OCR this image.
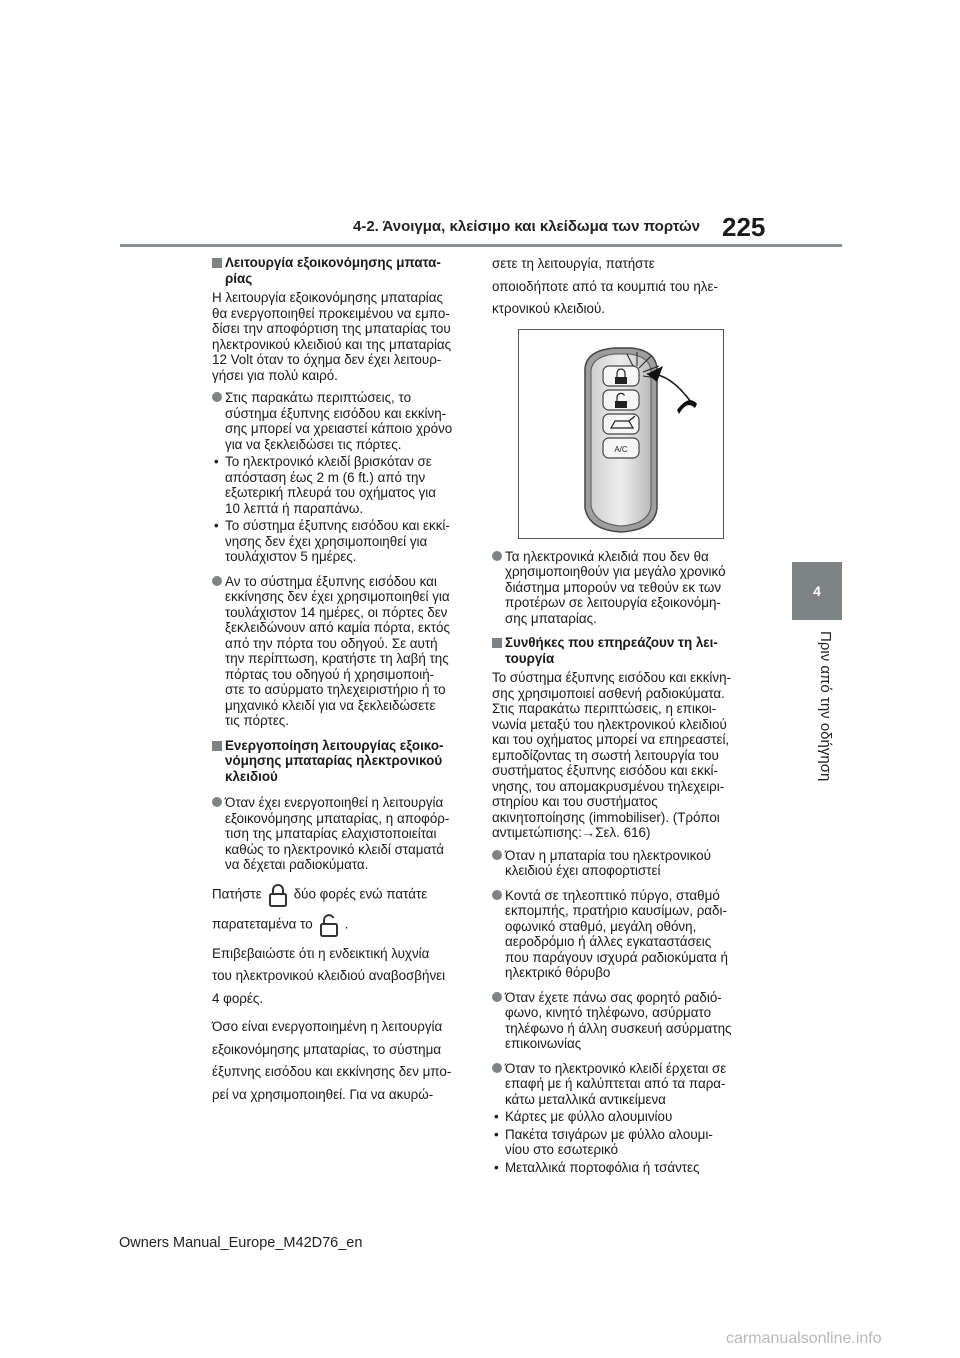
4-2. Άνοιγμα, κλείσιμο και κλείδωμα των πορτών 225
4
Πριν από την οδήγηση
Λειτουργία εξοικονόμησης μπατα-
ρίας
Η λειτουργία εξοικονόμησης μπαταρίας
θα ενεργοποιηθεί προκειμένου να εμπο-
δίσει την αποφόρτιση της μπαταρίας του
ηλεκτρονικού κλειδιού και της μπαταρίας
12 Volt όταν το όχημα δεν έχει λειτουρ-
γήσει για πολύ καιρό.
Στις παρακάτω περιπτώσεις, το
σύστημα έξυπνης εισόδου και εκκίνη-
σης μπορεί να χρειαστεί κάποιο χρόνο
για να ξεκλειδώσει τις πόρτες.
• Το ηλεκτρονικό κλειδί βρισκόταν σε
απόσταση έως 2 m (6 ft.) από την
εξωτερική πλευρά του οχήματος για
10 λεπτά ή παραπάνω.
• Το σύστημα έξυπνης εισόδου και εκκί-
νησης δεν έχει χρησιμοποιηθεί για
τουλάχιστον 5 ημέρες.
Αν το σύστημα έξυπνης εισόδου και
εκκίνησης δεν έχει χρησιμοποιηθεί για
τουλάχιστον 14 ημέρες, οι πόρτες δεν
ξεκλειδώνουν από καμία πόρτα, εκτός
από την πόρτα του οδηγού. Σε αυτή
την περίπτωση, κρατήστε τη λαβή της
πόρτας του οδηγού ή χρησιμοποιή-
στε το ασύρματο τηλεχειριστήριο ή το
μηχανικό κλειδί για να ξεκλειδώσετε
τις πόρτες.
Ενεργοποίηση λειτουργίας εξοικο-
νόμησης μπαταρίας ηλεκτρονικού
κλειδιού
Όταν έχει ενεργοποιηθεί η λειτουργία
εξοικονόμησης μπαταρίας, η αποφόρ-
τιση της μπαταρίας ελαχιστοποιείται
καθώς το ηλεκτρονικό κλειδί σταματά
να δέχεται ραδιοκύματα.
Πατήστε δύο φορές ενώ πατάτε
παρατεταμένα το .
Επιβεβαιώστε ότι η ενδεικτική λυχνία
του ηλεκτρονικού κλειδιού αναβοσβήνει
4 φορές.
Όσο είναι ενεργοποιημένη η λειτουργία
εξοικονόμησης μπαταρίας, το σύστημα
έξυπνης εισόδου και εκκίνησης δεν μπο-
ρεί να χρησιμοποιηθεί. Για να ακυρώ-
σετε τη λειτουργία, πατήστε
οποιοδήποτε από τα κουμπιά του ηλε-
κτρονικού κλειδιού.
A/C
Τα ηλεκτρονικά κλειδιά που δεν θα
χρησιμοποιηθούν για μεγάλο χρονικό
διάστημα μπορούν να τεθούν εκ των
προτέρων σε λειτουργία εξοικονόμη-
σης μπαταρίας.
Συνθήκες που επηρεάζουν τη λει-
τουργία
Το σύστημα έξυπνης εισόδου και εκκίνη-
σης χρησιμοποιεί ασθενή ραδιοκύματα.
Στις παρακάτω περιπτώσεις, η επικοι-
νωνία μεταξύ του ηλεκτρονικού κλειδιού
και του οχήματος μπορεί να επηρεαστεί,
εμποδίζοντας τη σωστή λειτουργία του
συστήματος έξυπνης εισόδου και εκκί-
νησης, του απομακρυσμένου τηλεχειρι-
στηρίου και του συστήματος
ακινητοποίησης (immobiliser). (Τρόποι
αντιμετώπισης:→Σελ. 616)
Όταν η μπαταρία του ηλεκτρονικού
κλειδιού έχει αποφορτιστεί
Κοντά σε τηλεοπτικό πύργο, σταθμό
εκπομπής, πρατήριο καυσίμων, ραδι-
οφωνικό σταθμό, μεγάλη οθόνη,
αεροδρόμιο ή άλλες εγκαταστάσεις
που παράγουν ισχυρά ραδιοκύματα ή
ηλεκτρικό θόρυβο
Όταν έχετε πάνω σας φορητό ραδιό-
φωνο, κινητό τηλέφωνο, ασύρματο
τηλέφωνο ή άλλη συσκευή ασύρματης
επικοινωνίας
Όταν το ηλεκτρονικό κλειδί έρχεται σε
επαφή με ή καλύπτεται από τα παρα-
κάτω μεταλλικά αντικείμενα
• Κάρτες με φύλλο αλουμινίου
• Πακέτα τσιγάρων με φύλλο αλουμι-
νίου στο εσωτερικό
• Μεταλλικά πορτοφόλια ή τσάντες
Owners Manual_Europe_M42D76_en
carmanualsonline.info
